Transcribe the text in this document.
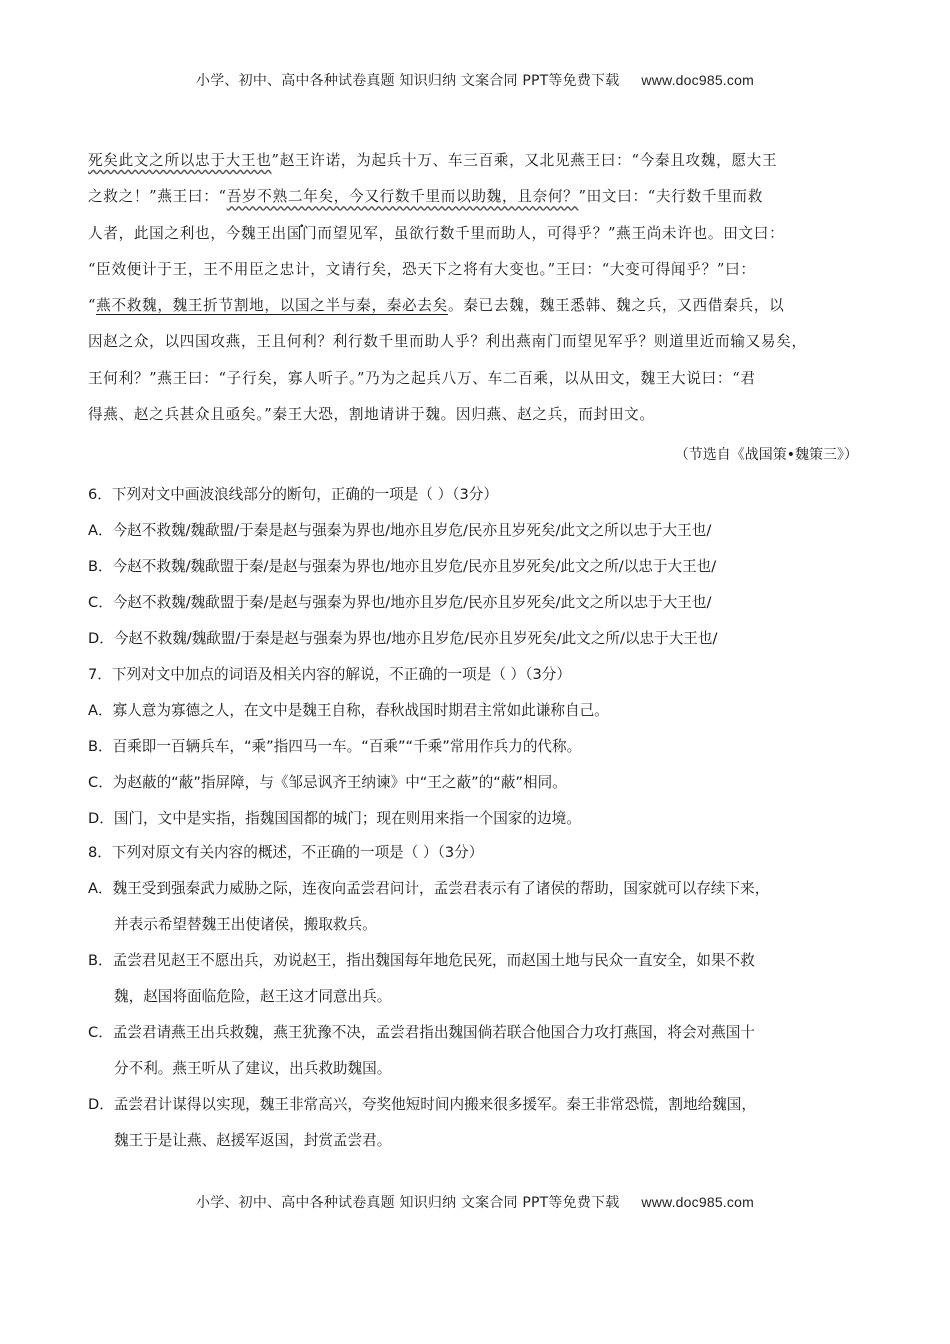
小学、初中、高中各种试卷真题 知识归纳 文案合同 PPT等免费下载 www.doc985.com
死矣此文之所以忠于大王也”赵王许诺，为起兵十万、车三百乘，又北见燕王曰：“今秦且攻魏，愿大王
之救之！”燕王曰：“吾岁不熟二年矣，今又行数千里而以助魏，且奈何？”田文曰：“夫行数千里而救
人者，此国之利也，今魏王出国门而望见军，虽欲行数千里而助人，可得乎？”燕王尚未许也。田文曰：
“臣效便计于王，王不用臣之忠计，文请行矣，恐天下之将有大变也。”王曰：“大变可得闻乎？”曰：
“燕不救魏，魏王折节割地，以国之半与秦，秦必去矣。秦已去魏，魏王悉韩、魏之兵，又西借秦兵，以
因赵之众，以四国攻燕，王且何利？利行数千里而助人乎？利出燕南门而望见军乎？则道里近而输又易矣，
王何利？”燕王曰：“子行矣，寡人听子。”乃为之起兵八万、车二百乘，以从田文，魏王大说曰：“君
得燕、赵之兵甚众且亟矣。”秦王大恐，割地请讲于魏。因归燕、赵之兵，而封田文。
（节选自《战国策•魏策三》）
6．下列对文中画波浪线部分的断句，正确的一项是（ ）（3分）
A．今赵不救魏/魏歃盟/于秦是赵与强秦为界也/地亦且岁危/民亦且岁死矣/此文之所以忠于大王也/
B．今赵不救魏/魏歃盟于秦/是赵与强秦为界也/地亦且岁危/民亦且岁死矣/此文之所/以忠于大王也/
C．今赵不救魏/魏歃盟于秦/是赵与强秦为界也/地亦且岁危/民亦且岁死矣/此文之所以忠于大王也/
D．今赵不救魏/魏歃盟/于秦是赵与强秦为界也/地亦且岁危/民亦且岁死矣/此文之所/以忠于大王也/
7．下列对文中加点的词语及相关内容的解说，不正确的一项是（ ）（3分）
A．寡人意为寡德之人，在文中是魏王自称，春秋战国时期君主常如此谦称自己。
B．百乘即一百辆兵车，“乘”指四马一车。“百乘”“千乘”常用作兵力的代称。
C．为赵蔽的“蔽”指屏障，与《邹忌讽齐王纳谏》中“王之蔽”的“蔽”相同。
D．国门，文中是实指，指魏国国都的城门；现在则用来指一个国家的边境。
8．下列对原文有关内容的概述，不正确的一项是（ ）（3分）
A．魏王受到强秦武力威胁之际，连夜向孟尝君问计，孟尝君表示有了诸侯的帮助，国家就可以存续下来，
并表示希望替魏王出使诸侯，搬取救兵。
B．孟尝君见赵王不愿出兵，劝说赵王，指出魏国每年地危民死，而赵国土地与民众一直安全，如果不救
魏，赵国将面临危险，赵王这才同意出兵。
C．孟尝君请燕王出兵救魏，燕王犹豫不决，孟尝君指出魏国倘若联合他国合力攻打燕国，将会对燕国十
分不利。燕王听从了建议，出兵救助魏国。
D．孟尝君计谋得以实现，魏王非常高兴，夸奖他短时间内搬来很多援军。秦王非常恐慌，割地给魏国，
魏王于是让燕、赵援军返国，封赏孟尝君。
小学、初中、高中各种试卷真题 知识归纳 文案合同 PPT等免费下载 www.doc985.com
